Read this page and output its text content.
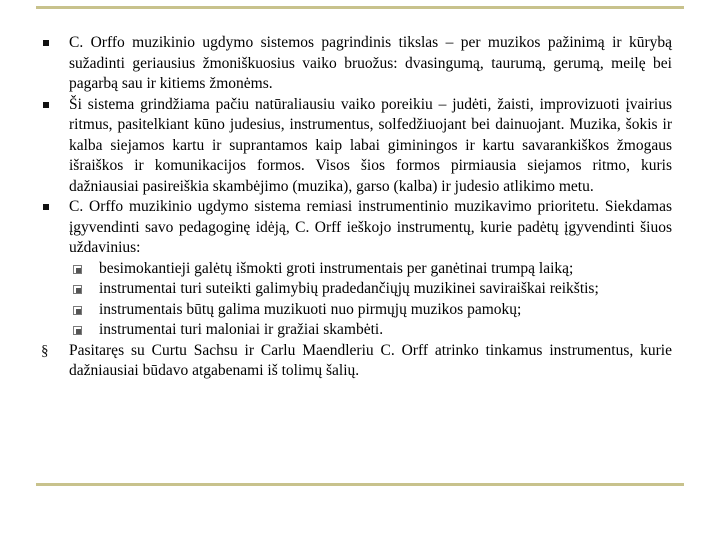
C. Orffo muzikinio ugdymo sistemos pagrindinis tikslas – per muzikos pažinimą ir kūrybą sužadinti geriausius žmoniškuosius vaiko bruožus: dvasingumą, taurumą, gerumą, meilę bei pagarbą sau ir kitiems žmonėms.
Ši sistema grindžiama pačiu natūraliausiu vaiko poreikiu – judėti, žaisti, improvizuoti įvairius ritmus, pasitelkiant kūno judesius, instrumentus, solfedžiuojant bei dainuojant. Muzika, šokis ir kalba siejamos kartu ir suprantamos kaip labai giminingos ir kartu savarankiškos žmogaus išraiškos ir komunikacijos formos. Visos šios formos pirmiausia siejamos ritmo, kuris dažniausiai pasireiškia skambėjimo (muzika), garso (kalba) ir judesio atlikimo metu.
C. Orffo muzikinio ugdymo sistema remiasi instrumentinio muzikavimo prioritetu. Siekdamas įgyvendinti savo pedagoginę idėją, C. Orff ieškojo instrumentų, kurie padėtų įgyvendinti šiuos uždavinius:
besimokantieji galėtų išmokti groti instrumentais per ganėtinai trumpą laiką;
instrumentai turi suteikti galimybių pradedančiųjų muzikinei saviraiškai reikštis;
instrumentais būtų galima muzikuoti nuo pirmųjų muzikos pamokų;
instrumentai turi maloniai ir gražiai skambėti.
§ Pasitaręs su Curtu Sachsu ir Carlu Maendleriu C. Orff atrinko tinkamus instrumentus, kurie dažniausiai būdavo atgabenami iš tolimų šalių.
